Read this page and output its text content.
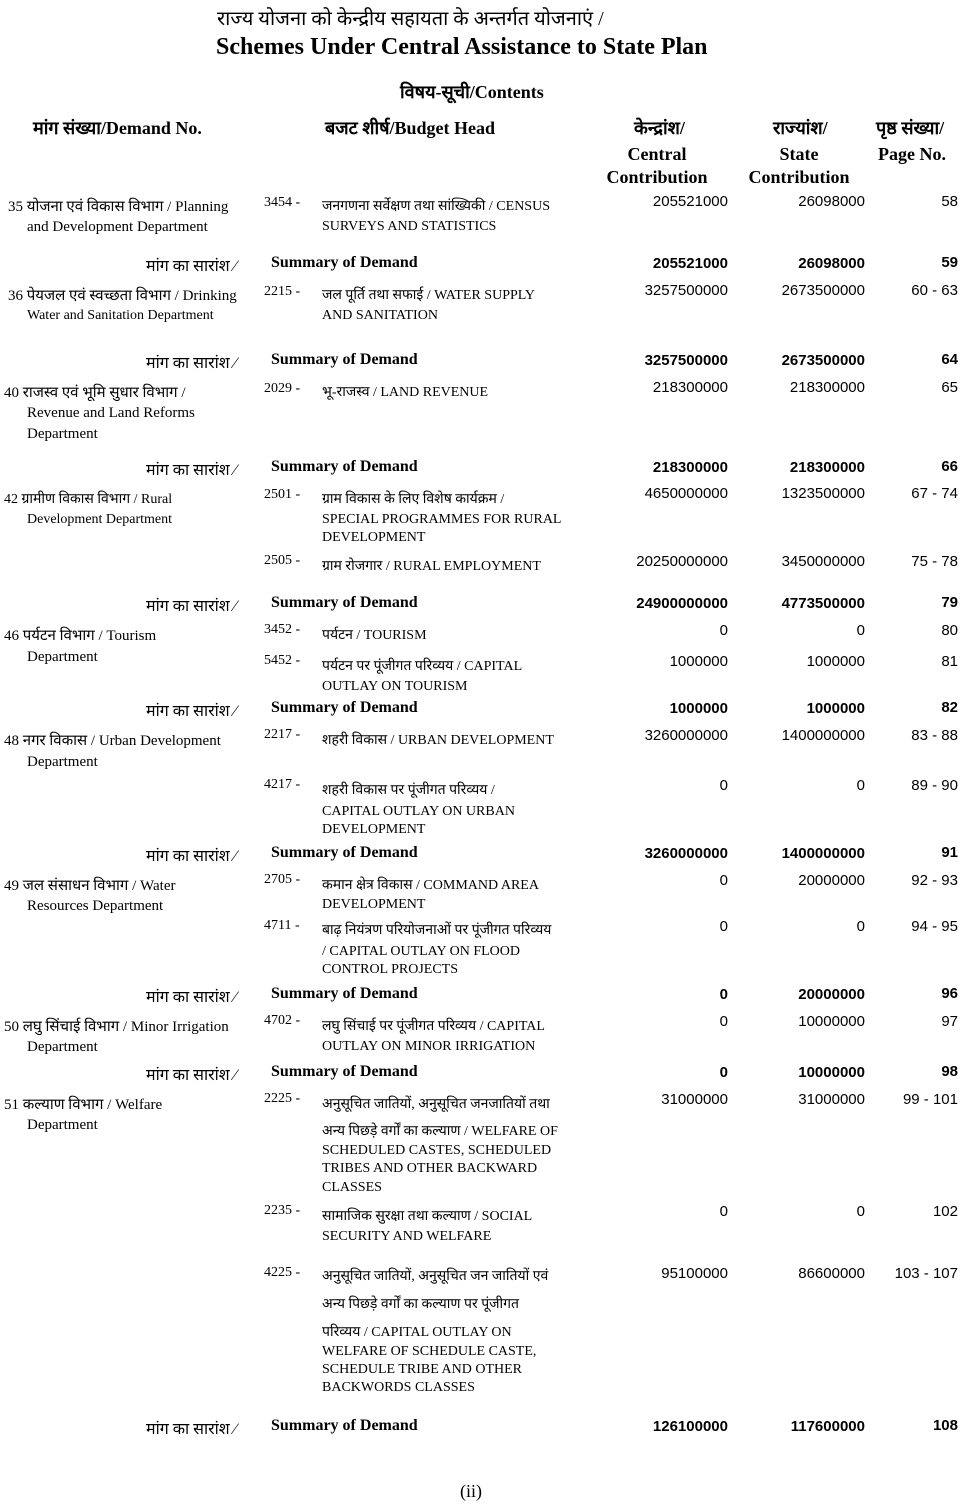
राज्य योजना को केन्द्रीय सहायता के अन्तर्गत योजनाएं /
Schemes Under Central Assistance to State Plan
विषय-सूची/Contents
मांग संख्या/Demand No.	बजट शीर्ष/Budget Head	केन्द्रांश/
Central
Contribution
राज्यांश/
State
Contribution
पृष्ठ संख्या/
Page No.
35 योजना एवं विकास विभाग / Planning
and Development Department
3454 - जनगणना सर्वेक्षण तथा सांख्यिकी / CENSUS
SURVEYS AND STATISTICS
205521000	26098000	58
मांग का सारांश ⁄ Summary of Demand	205521000	26098000	59
36 पेयजल एवं स्वच्छता विभाग / Drinking
Water and Sanitation Department
2215 - जल पूर्ति तथा सफाई / WATER SUPPLY
AND SANITATION
3257500000	2673500000	60 - 63
मांग का सारांश ⁄ Summary of Demand	3257500000	2673500000	64
40 राजस्व एवं भूमि सुधार विभाग /
Revenue and Land Reforms
Department
2029 - भू-राजस्व / LAND REVENUE	218300000	218300000	65
मांग का सारांश ⁄ Summary of Demand	218300000	218300000	66
42 ग्रामीण विकास विभाग / Rural
Development Department
2501 - ग्राम विकास के लिए विशेष कार्यक्रम /
SPECIAL PROGRAMMES FOR RURAL
DEVELOPMENT
4650000000	1323500000	67 - 74
2505 - ग्राम रोजगार / RURAL EMPLOYMENT	20250000000	3450000000	75 - 78
मांग का सारांश ⁄ Summary of Demand	24900000000	4773500000	79
46 पर्यटन विभाग / Tourism
Department
3452 - पर्यटन / TOURISM	0	0	80
5452 - पर्यटन पर पूंजीगत परिव्यय / CAPITAL
OUTLAY ON TOURISM
1000000	1000000	81
मांग का सारांश ⁄ Summary of Demand	1000000	1000000	82
48 नगर विकास / Urban Development
Department
2217 - शहरी विकास / URBAN DEVELOPMENT	3260000000	1400000000	83 - 88
4217 - शहरी विकास पर पूंजीगत परिव्यय /
CAPITAL OUTLAY ON URBAN
DEVELOPMENT
0	0	89 - 90
मांग का सारांश ⁄ Summary of Demand	3260000000	1400000000	91
49 जल संसाधन विभाग / Water
Resources Department
2705 - कमान क्षेत्र विकास / COMMAND AREA
DEVELOPMENT
0	20000000	92 - 93
4711 - बाढ़ नियंत्रण परियोजनाओं पर पूंजीगत परिव्यय
/ CAPITAL OUTLAY ON FLOOD
CONTROL PROJECTS
0	0	94 - 95
मांग का सारांश ⁄ Summary of Demand	0	20000000	96
50 लघु सिंचाई विभाग / Minor Irrigation
Department
4702 - लघु सिंचाई पर पूंजीगत परिव्यय / CAPITAL
OUTLAY ON MINOR IRRIGATION
0	10000000	97
मांग का सारांश ⁄ Summary of Demand	0	10000000	98
51 कल्याण विभाग / Welfare
Department
2225 - अनुसूचित जातियों, अनुसूचित जनजातियों तथा
अन्य पिछड़े वर्गों का कल्याण / WELFARE OF
SCHEDULED CASTES, SCHEDULED
TRIBES AND OTHER BACKWARD
CLASSES
31000000	31000000	99 - 101
2235 - सामाजिक सुरक्षा तथा कल्याण / SOCIAL
SECURITY AND WELFARE
0	0	102
4225 - अनुसूचित जातियों, अनुसूचित जन जातियों एवं
अन्य पिछड़े वर्गों का कल्याण पर पूंजीगत
परिव्यय / CAPITAL OUTLAY ON
WELFARE OF SCHEDULE CASTE,
SCHEDULE TRIBE AND OTHER
BACKWORDS CLASSES
95100000	86600000	103 - 107
मांग का सारांश ⁄ Summary of Demand	126100000	117600000	108
(ii)
